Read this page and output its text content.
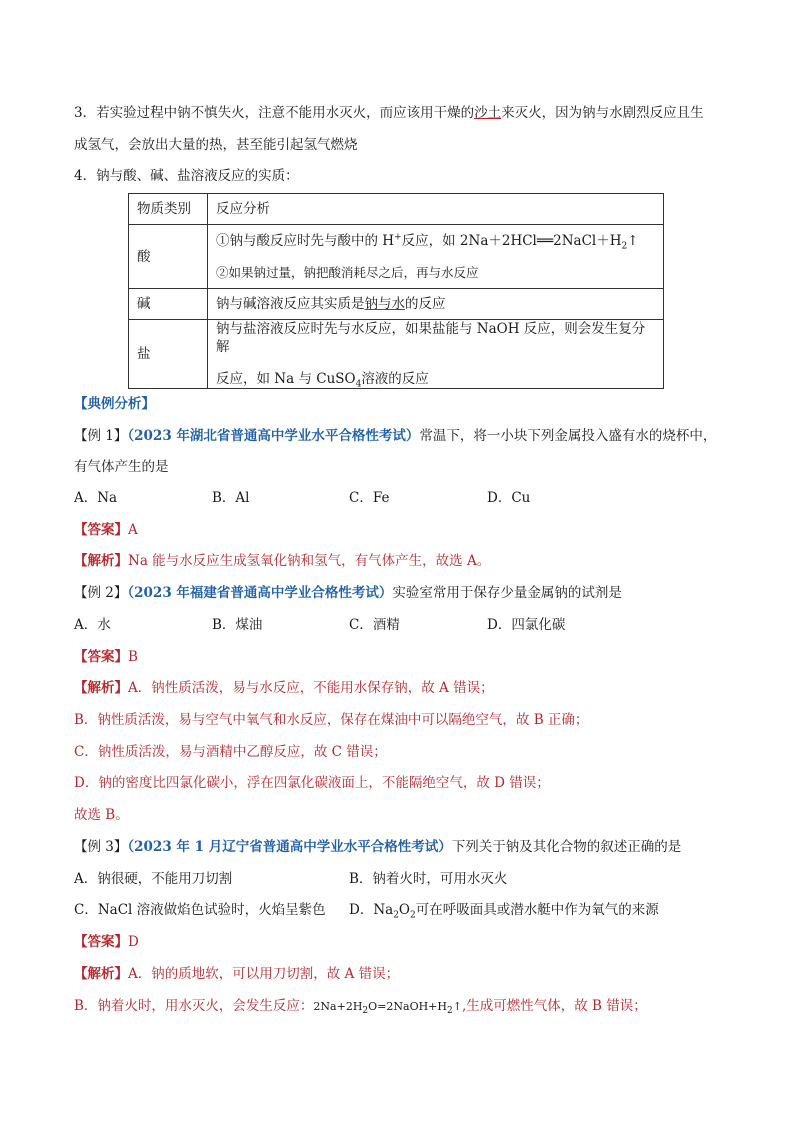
3．若实验过程中钠不慎失火，注意不能用水灭火，而应该用干燥的沙土来灭火，因为钠与水剧烈反应且生
成氢气，会放出大量的热，甚至能引起氢气燃烧
4．钠与酸、碱、盐溶液反应的实质：
物质类别	反应分析
酸	①钠与酸反应时先与酸中的 H+反应，如 $2Na+2HCl══2NaCl+H_2↑$
②如果钠过量，钠把酸消耗尽之后，再与水反应

碱	钠与碱溶液反应其实质是钠与水的反应
盐	钠与盐溶液反应时先与水反应，如果盐能与 NaOH 反应，则会发生复分解
反应，如 Na 与 CuSO$_4$溶液的反应
【典例分析】
【例 1】（2023 年湖北省普通高中学业水平合格性考试）常温下，将一小块下列金属投入盛有水的烧杯中，
有气体产生的是
A．Na	B．Al	C．Fe	D．Cu
【答案】A
【解析】Na 能与水反应生成氢氧化钠和氢气，有气体产生，故选 A。
【例 2】（2023 年福建省普通高中学业合格性考试）实验室常用于保存少量金属钠的试剂是
A．水	B．煤油	C．酒精	D．四氯化碳
【答案】B
【解析】A．钠性质活泼，易与水反应，不能用水保存钠，故 A 错误；
B．钠性质活泼，易与空气中氧气和水反应，保存在煤油中可以隔绝空气，故 B 正确；
C．钠性质活泼，易与酒精中乙醇反应，故 C 错误；
D．钠的密度比四氯化碳小，浮在四氯化碳液面上，不能隔绝空气，故 D 错误；
故选 B。
【例 3】（2023 年 1 月辽宁省普通高中学业水平合格性考试）下列关于钠及其化合物的叙述正确的是
A．钠很硬，不能用刀切割	B．钠着火时，可用水灭火
C．NaCl 溶液做焰色试验时，火焰呈紫色 D．$Na_2O_2$可在呼吸面具或潜水艇中作为氧气的来源
【答案】D
【解析】A．钠的质地软，可以用刀切割，故 A 错误；
B．钠着火时，用水灭火，会发生反应：$2Na+2H_2O=2NaOH+H_2↑$,生成可燃性气体，故 B 错误；
